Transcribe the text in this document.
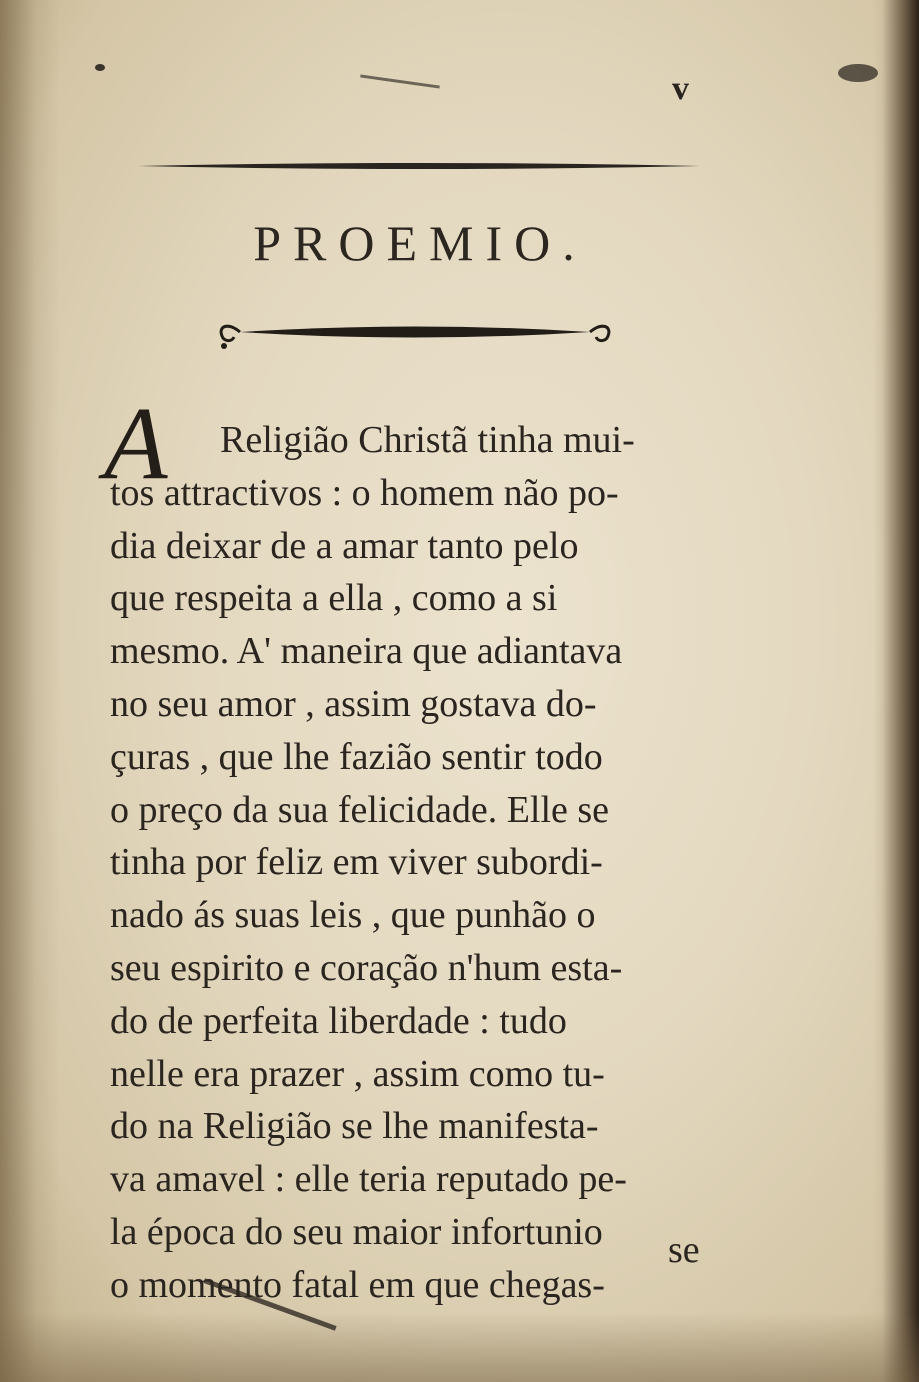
v
PROEMIO.
A	Religião Christã tinha mui-
tos attractivos : o homem não po-
dia deixar de a amar tanto pelo
que respeita a ella , como a si
mesmo. A' maneira que adiantava
no seu amor , assim gostava do-
çuras , que lhe fazião sentir todo
o preço da sua felicidade. Elle se
tinha por feliz em viver subordi-
nado ás suas leis , que punhão o
seu espirito e coração n'hum esta-
do de perfeita liberdade : tudo
nelle era prazer , assim como tu-
do na Religião se lhe manifesta-
va amavel : elle teria reputado pe-
la época do seu maior infortunio
o momento fatal em que chegas-
se
